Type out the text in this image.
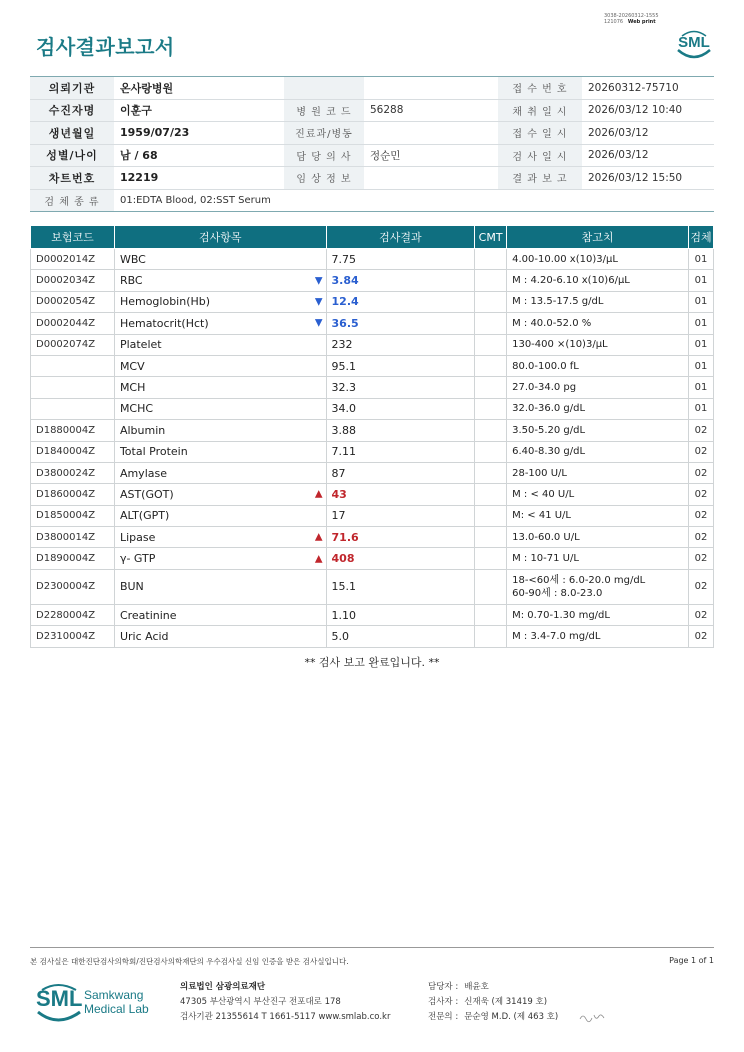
3038-20260312-1555
121076 Web print
검사결과보고서	SML
의뢰기관	온사랑병원			접 수 번 호	20260312-75710
수진자명	이훈구	병 원 코 드	56288	채 취 일 시	2026/03/12 10:40
생년월일	1959/07/23	진료과/병동		접 수 일 시	2026/03/12
성별/나이	남 / 68	담 당 의 사	정순민	검 사 일 시	2026/03/12
차트번호	12219	임 상 정 보		결 과 보 고	2026/03/12 15:50
검 체 종 류	01:EDTA Blood, 02:SST Serum				
보험코드	검사항목	검사결과	CMT	참고치	검체
D0002014Z	WBC	7.75		4.00-10.00 x(10)3/μL	01
D0002034Z	RBC ▼	3.84		M : 4.20-6.10 x(10)6/μL	01
D0002054Z	Hemoglobin(Hb) ▼	12.4		M : 13.5-17.5 g/dL	01
D0002044Z	Hematocrit(Hct) ▼	36.5		M : 40.0-52.0 %	01
D0002074Z	Platelet	232		130-400 ×(10)3/μL	01
	MCV	95.1		80.0-100.0 fL	01
	MCH	32.3		27.0-34.0 pg	01
	MCHC	34.0		32.0-36.0 g/dL	01
D1880004Z	Albumin	3.88		3.50-5.20 g/dL	02
D1840004Z	Total Protein	7.11		6.40-8.30 g/dL	02
D3800024Z	Amylase	87		28-100 U/L	02
D1860004Z	AST(GOT) ▲	43		M : < 40 U/L	02
D1850004Z	ALT(GPT)	17		M: < 41 U/L	02
D3800014Z	Lipase ▲	71.6		13.0-60.0 U/L	02
D1890004Z	γ- GTP ▲	408		M : 10-71 U/L	02
D2300004Z	BUN	15.1		18-<60세 : 6.0-20.0 mg/dL
60-90세 : 8.0-23.0	02
D2280004Z	Creatinine	1.10		M: 0.70-1.30 mg/dL	02
D2310004Z	Uric Acid	5.0		M : 3.4-7.0 mg/dL	02
** 검사 보고 완료입니다. **
본 검사실은 대한진단검사의학회/진단검사의학재단의 우수검사실 신임 인증을 받은 검사실입니다.	Page 1 of 1
SML Samkwang
Medical Lab
의료법인 삼광의료재단
47305 부산광역시 부산진구 전포대로 178
검사기관 21355614 T 1661-5117 www.smlab.co.kr
담당자 : 배윤호
검사자 : 신재욱 (제 31419 호)
전문의 : 문순영 M.D. (제 463 호)
